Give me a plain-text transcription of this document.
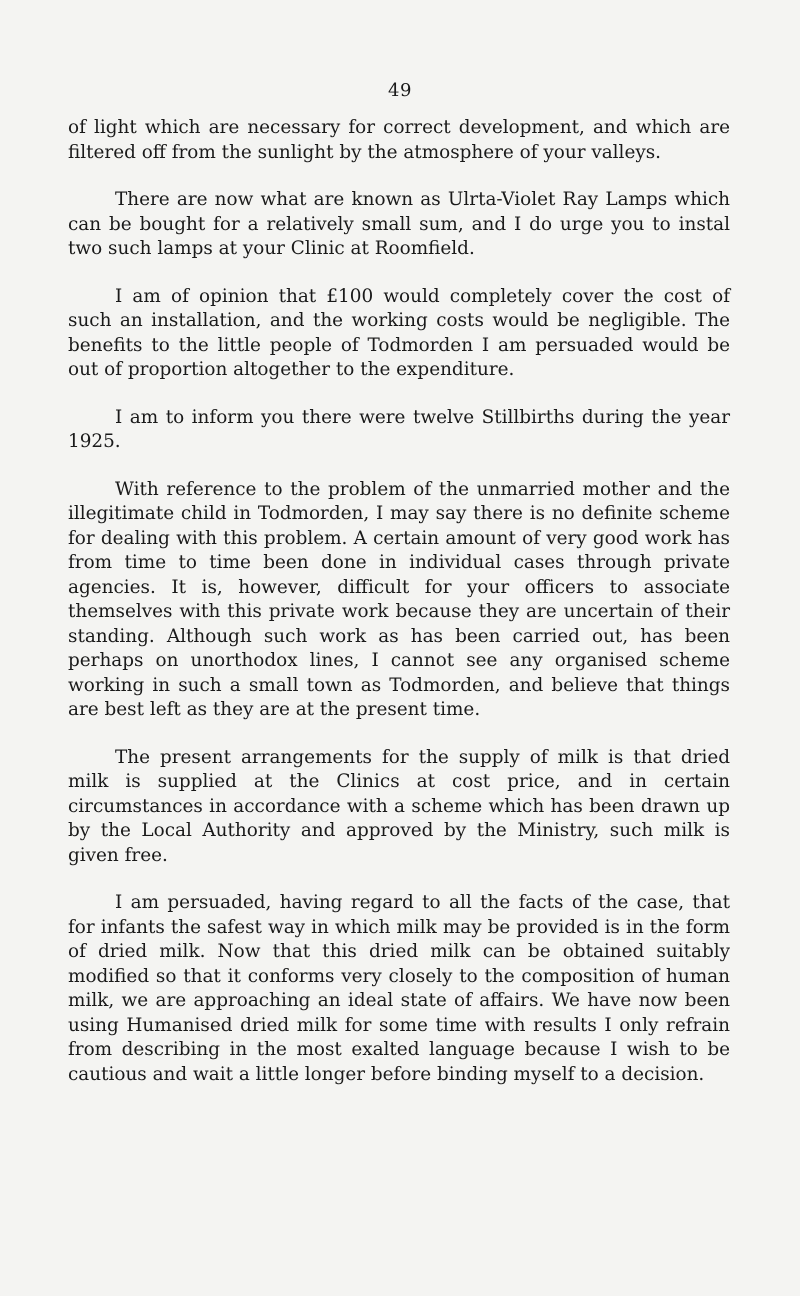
49

of light which are necessary for correct development, and which are filtered off from the sunlight by the atmosphere of your valleys.

There are now what are known as Ulrta-Violet Ray Lamps which can be bought for a relatively small sum, and I do urge you to instal two such lamps at your Clinic at Roomfield.

I am of opinion that £100 would completely cover the cost of such an installation, and the working costs would be negligible. The benefits to the little people of Todmorden I am persuaded would be out of proportion altogether to the expenditure.

I am to inform you there were twelve Stillbirths during the year 1925.

With reference to the problem of the unmarried mother and the illegitimate child in Todmorden, I may say there is no definite scheme for dealing with this problem. A certain amount of very good work has from time to time been done in individual cases through private agencies. It is, however, difficult for your officers to associate themselves with this private work because they are uncertain of their standing. Although such work as has been carried out, has been perhaps on unorthodox lines, I cannot see any organised scheme working in such a small town as Todmorden, and believe that things are best left as they are at the present time.

The present arrangements for the supply of milk is that dried milk is supplied at the Clinics at cost price, and in certain circumstances in accordance with a scheme which has been drawn up by the Local Authority and approved by the Ministry, such milk is given free.

I am persuaded, having regard to all the facts of the case, that for infants the safest way in which milk may be provided is in the form of dried milk. Now that this dried milk can be obtained suitably modified so that it conforms very closely to the composition of human milk, we are approaching an ideal state of affairs. We have now been using Humanised dried milk for some time with results I only refrain from describing in the most exalted language because I wish to be cautious and wait a little longer before binding myself to a decision.
